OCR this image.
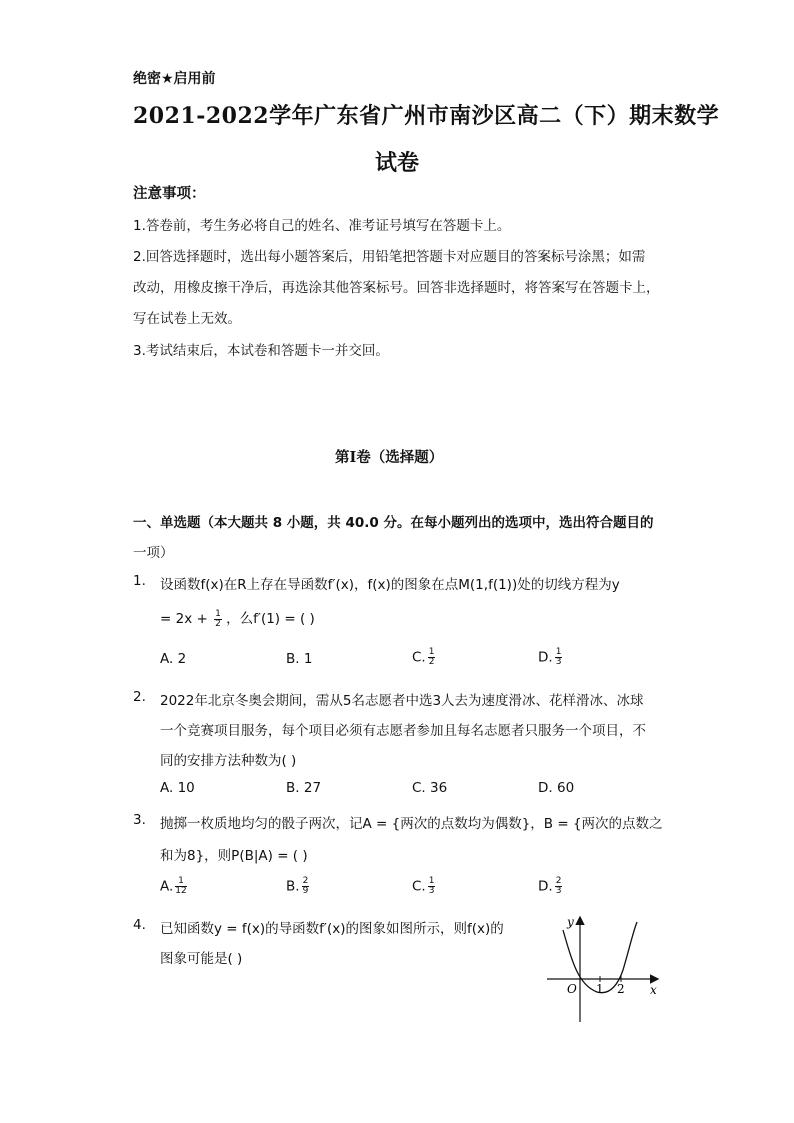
绝密★启用前
2021-2022学年广东省广州市南沙区高二（下）期末数学
试卷
注意事项：
1.答卷前，考生务必将自己的姓名、准考证号填写在答题卡上。
2.回答选择题时，选出每小题答案后，用铅笔把答题卡对应题目的答案标号涂黑；如需
改动，用橡皮擦干净后，再选涂其他答案标号。回答非选择题时，将答案写在答题卡上，
写在试卷上无效。
3.考试结束后，本试卷和答题卡一并交回。
第I卷（选择题）
一、单选题（本大题共 8 小题，共 40.0 分。在每小题列出的选项中，选出符合题目的
一项）
1. 设函数f(x)在R上存在导函数f′(x)，f(x)的图象在点M(1,f(1))处的切线方程为y
= $2x + \frac{1}{2}$ ，么f′(1) = ( )
A. 2	B. 1	C. $\frac{1}{2}$	D. $\frac{1}{3}$
2. 2022年北京冬奥会期间，需从5名志愿者中选3人去为速度滑冰、花样滑冰、冰球
一个竞赛项目服务，每个项目必须有志愿者参加且每名志愿者只服务一个项目，不
同的安排方法种数为( )
A. 10	B. 27	C. 36	D. 60
3. 抛掷一枚质地均匀的骰子两次，记A = {两次的点数均为偶数}，B = {两次的点数之
和为8}，则P(B|A) = ( )
A. $\frac{1}{12}$	B. $\frac{2}{9}$	C. $\frac{1}{3}$	D. $\frac{2}{3}$
4. 已知函数y = f(x)的导函数f′(x)的图象如图所示，则f(x)的
图象可能是( )
y
x
O 1 2
